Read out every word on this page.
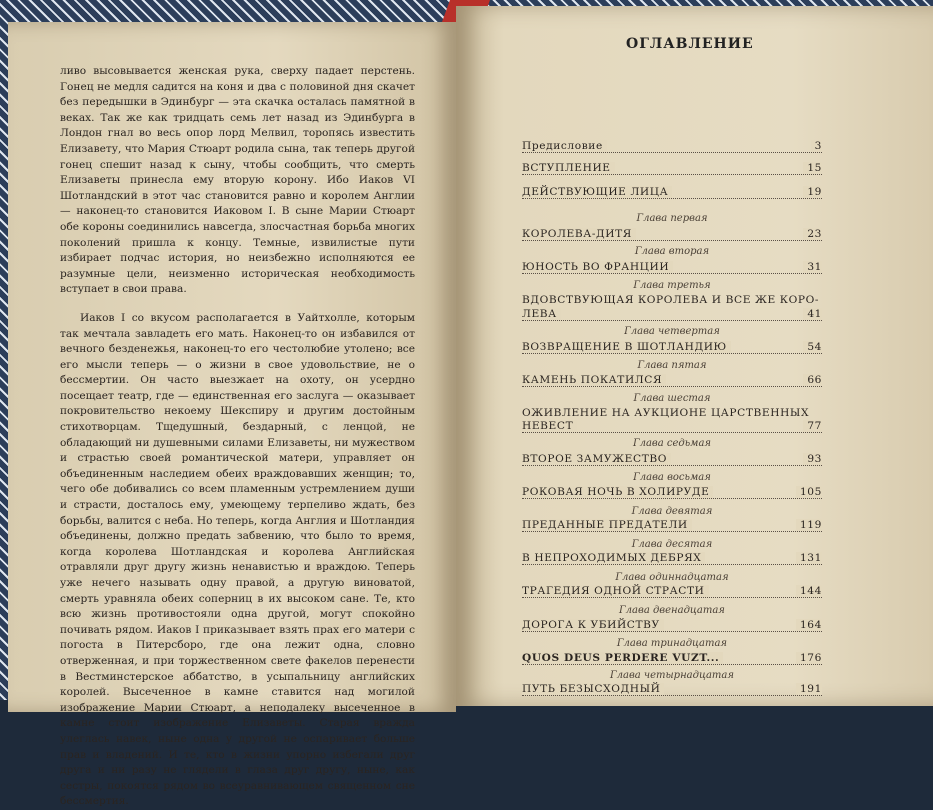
ливо высовывается женская рука, сверху падает перстень. Гонец не медля садится на коня и два с половиной дня скачет без передышки в Эдинбург — эта скачка осталась памятной в веках. Так же как тридцать семь лет назад из Эдинбурга в Лондон гнал во весь опор лорд Мелвил, торопясь известить Елизавету, что Мария Стюарт родила сына, так теперь другой гонец спешит назад к сыну, чтобы сообщить, что смерть Елизаветы принесла ему вторую корону. Ибо Иаков VI Шотландский в этот час становится равно и королем Англии — наконец-то становится Иаковом I. В сыне Марии Стюарт обе короны соединились навсегда, злосчастная борьба многих поколений пришла к концу. Темные, извилистые пути избирает подчас история, но неизбежно исполняются ее разумные цели, неизменно историческая необходимость вступает в свои права.

Иаков I со вкусом располагается в Уайтхолле, которым так мечтала завладеть его мать. Наконец-то он избавился от вечного безденежья, наконец-то его честолюбие утолено; все его мысли теперь — о жизни в свое удовольствие, не о бессмертии. Он часто выезжает на охоту, он усердно посещает театр, где — единственная его заслуга — оказывает покровительство некоему Шекспиру и другим достойным стихотворцам. Тщедушный, бездарный, с ленцой, не обладающий ни душевными силами Елизаветы, ни мужеством и страстью своей романтической матери, управляет он объединенным наследием обеих враждовавших женщин; то, чего обе добивались со всем пламенным устремлением души и страсти, досталось ему, умеющему терпеливо ждать, без борьбы, валится с неба. Но теперь, когда Англия и Шотландия объединены, должно предать забвению, что было то время, когда королева Шотландская и королева Английская отравляли друг другу жизнь ненавистью и враждою. Теперь уже нечего называть одну правой, а другую виноватой, смерть уравняла обеих соперниц в их высоком сане. Те, кто всю жизнь противостояли одна другой, могут спокойно почивать рядом. Иаков I приказывает взять прах его матери с погоста в Питерсборо, где она лежит одна, словно отверженная, и при торжественном свете факелов перенести в Вестминстерское аббатство, в усыпальницу английских королей. Высеченное в камне ставится над могилой изображение Марии Стюарт, а неподалеку высеченное в камне стоит изображение Елизаветы. Старая вражда улеглась навек, ныне одна у другой не оспаривает больше прав и владений. И те, кто в жизни упорно избегали друг друга и ни разу не глядели в глаза друг другу, ныне, как сестры, покоятся рядом во всеуравнивающем священном сне бессмертия.

ОГЛАВЛЕНИЕ
Предисловие	3
ВСТУПЛЕНИЕ	15
ДЕЙСТВУЮЩИЕ ЛИЦА	19
Глава первая
КОРОЛЕВА-ДИТЯ	23
Глава вторая
ЮНОСТЬ ВО ФРАНЦИИ	31
Глава третья
ВДОВСТВУЮЩАЯ КОРОЛЕВА И ВСЕ ЖЕ КОРО-
ЛЕВА	41
Глава четвертая
ВОЗВРАЩЕНИЕ В ШОТЛАНДИЮ	54
Глава пятая
КАМЕНЬ ПОКАТИЛСЯ	66
Глава шестая
ОЖИВЛЕНИЕ НА АУКЦИОНЕ ЦАРСТВЕННЫХ
НЕВЕСТ	77
Глава седьмая
ВТОРОЕ ЗАМУЖЕСТВО	93
Глава восьмая
РОКОВАЯ НОЧЬ В ХОЛИРУДЕ	105
Глава девятая
ПРЕДАННЫЕ ПРЕДАТЕЛИ	119
Глава десятая
В НЕПРОХОДИМЫХ ДЕБРЯХ	131
Глава одиннадцатая
ТРАГЕДИЯ ОДНОЙ СТРАСТИ	144
Глава двенадцатая
ДОРОГА К УБИЙСТВУ	164
Глава тринадцатая
QUOS DEUS PERDERE VUZT...	176
Глава четырнадцатая
ПУТЬ БЕЗЫСХОДНЫЙ	191
